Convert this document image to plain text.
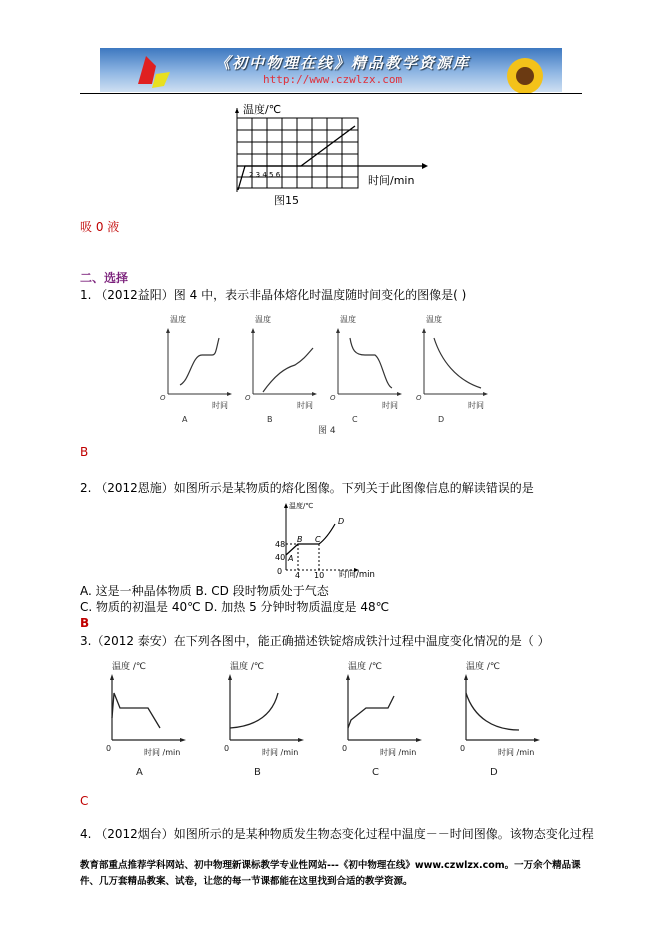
《初中物理在线》精品教学资源库
http://www.czwlzx.com
温度/℃
时间/min
2 3 4 5 6
图15
吸 0 液
二、选择
1. （2012益阳）图 4 中，表示非晶体熔化时温度随时间变化的图像是( )
温度
O
时间
A
温度
O
时间
B
温度
O
时间
C
温度
O
时间
D
图 4
B
2. （2012恩施）如图所示是某物质的熔化图像。下列关于此图像信息的解读错误的是
温度/℃
时间/min
48
40
0 4 10
A
B C
D
A. 这是一种晶体物质 B. CD 段时物质处于气态
C. 物质的初温是 40℃ D. 加热 5 分钟时物质温度是 48℃
B
3.（2012 泰安）在下列各图中，能正确描述铁锭熔成铁汁过程中温度变化情况的是（ ）
温度 /℃
0	时间 /min
A
温度 /℃
0	时间 /min
B
温度 /℃
0	时间 /min
C
温度 /℃
0	时间 /min
D
C
4. （2012烟台）如图所示的是某种物质发生物态变化过程中温度－－时间图像。该物态变化过程
教育部重点推荐学科网站、初中物理新课标教学专业性网站---《初中物理在线》www.czwlzx.com。一万余个精品课件、几万套精品教案、试卷，让您的每一节课都能在这里找到合适的教学资源。
